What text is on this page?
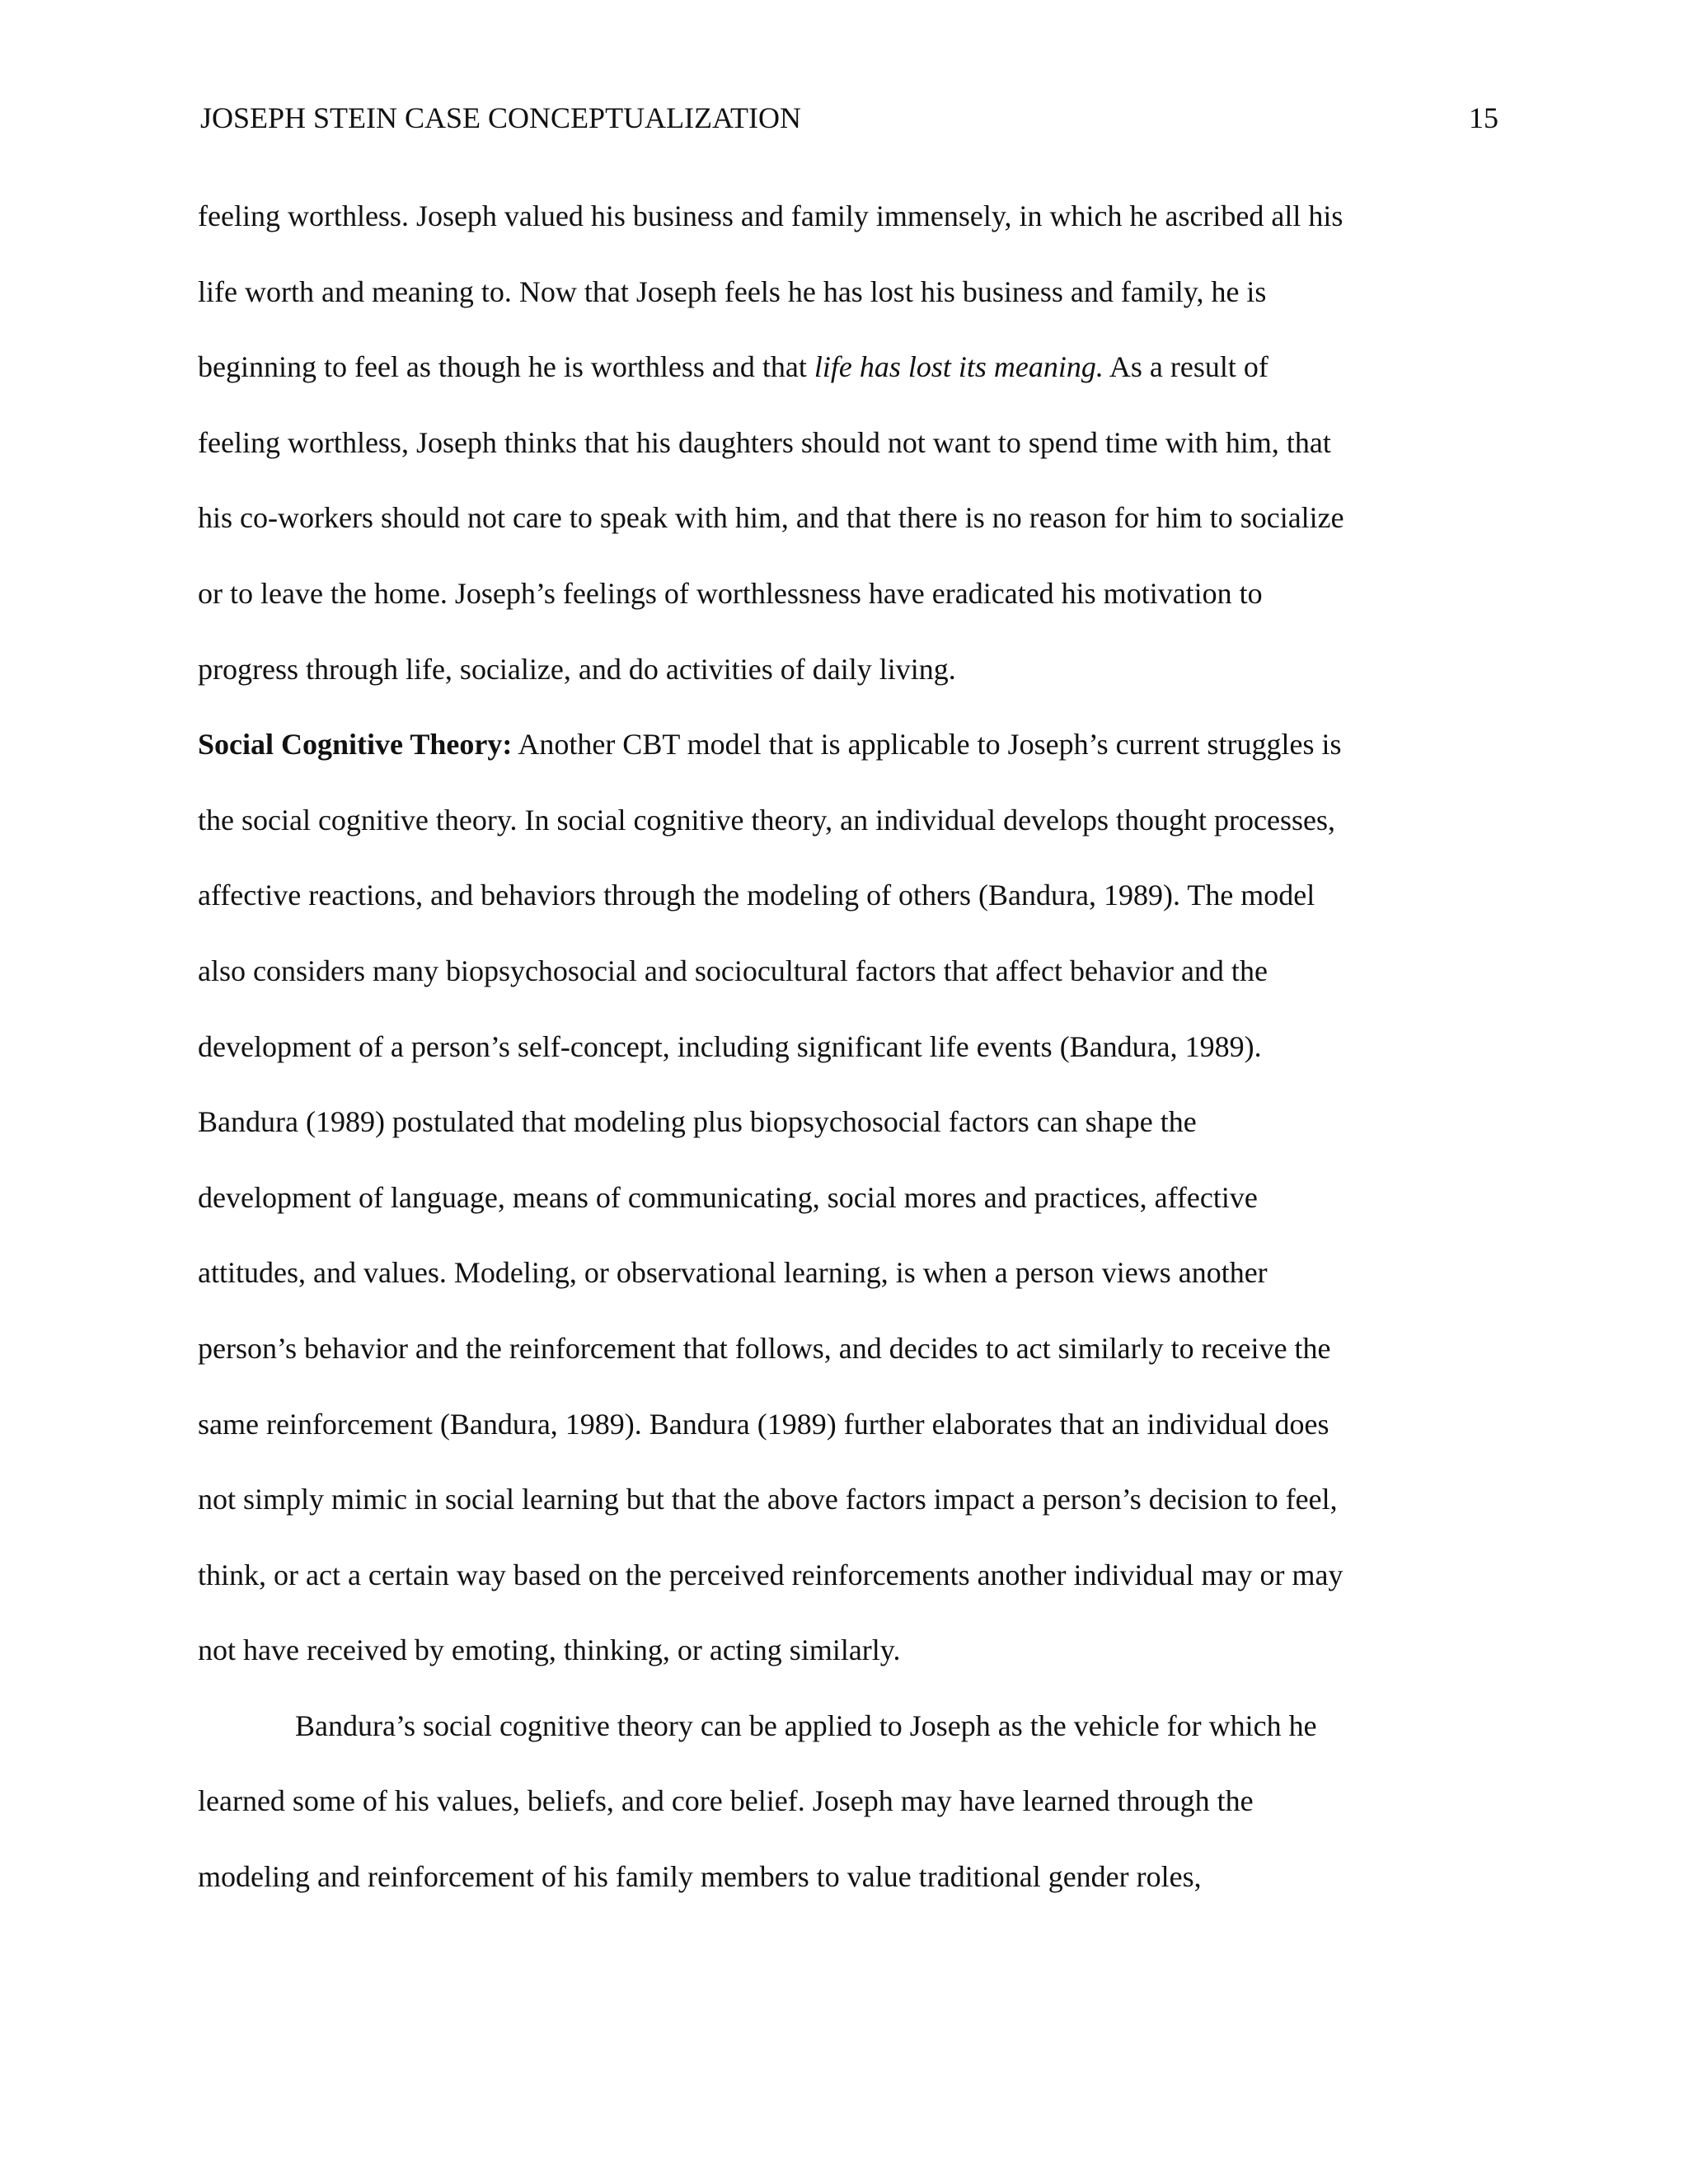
JOSEPH STEIN CASE CONCEPTUALIZATION	15
feeling worthless. Joseph valued his business and family immensely, in which he ascribed all his
life worth and meaning to. Now that Joseph feels he has lost his business and family, he is
beginning to feel as though he is worthless and that life has lost its meaning. As a result of
feeling worthless, Joseph thinks that his daughters should not want to spend time with him, that
his co-workers should not care to speak with him, and that there is no reason for him to socialize
or to leave the home. Joseph’s feelings of worthlessness have eradicated his motivation to
progress through life, socialize, and do activities of daily living.
Social Cognitive Theory: Another CBT model that is applicable to Joseph’s current struggles is
the social cognitive theory. In social cognitive theory, an individual develops thought processes,
affective reactions, and behaviors through the modeling of others (Bandura, 1989). The model
also considers many biopsychosocial and sociocultural factors that affect behavior and the
development of a person’s self-concept, including significant life events (Bandura, 1989).
Bandura (1989) postulated that modeling plus biopsychosocial factors can shape the
development of language, means of communicating, social mores and practices, affective
attitudes, and values. Modeling, or observational learning, is when a person views another
person’s behavior and the reinforcement that follows, and decides to act similarly to receive the
same reinforcement (Bandura, 1989). Bandura (1989) further elaborates that an individual does
not simply mimic in social learning but that the above factors impact a person’s decision to feel,
think, or act a certain way based on the perceived reinforcements another individual may or may
not have received by emoting, thinking, or acting similarly.
Bandura’s social cognitive theory can be applied to Joseph as the vehicle for which he
learned some of his values, beliefs, and core belief. Joseph may have learned through the
modeling and reinforcement of his family members to value traditional gender roles,
